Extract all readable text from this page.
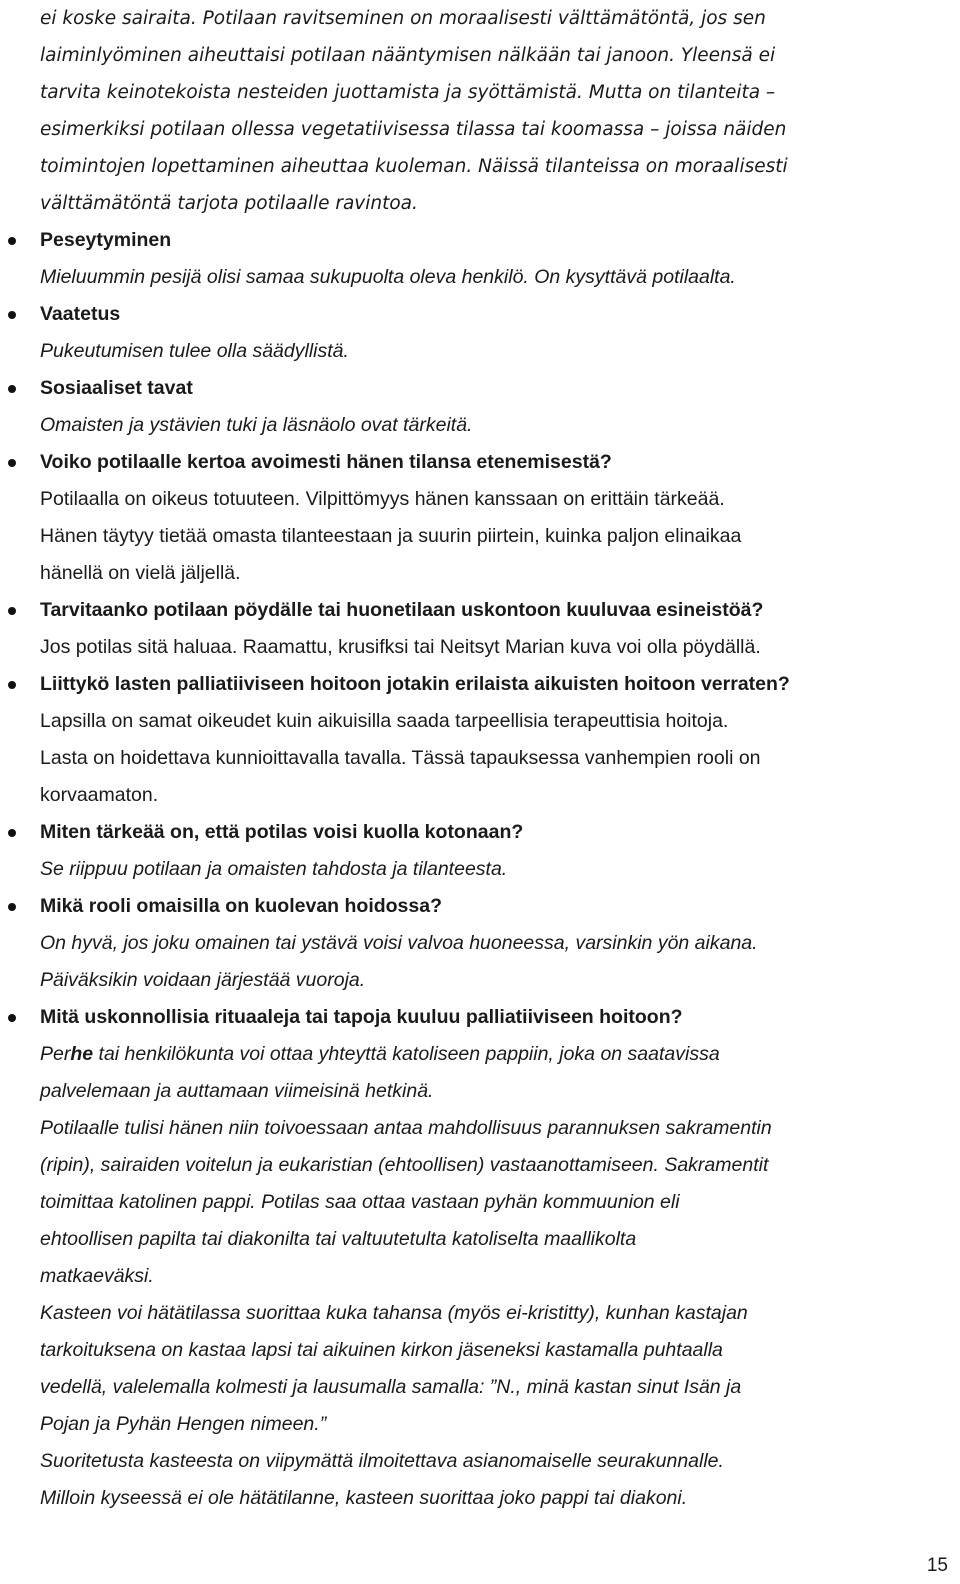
ei koske sairaita. Potilaan ravitseminen on moraalisesti välttämätöntä, jos sen

laiminlyöminen aiheuttaisi potilaan nääntymisen nälkään tai janoon. Yleensä ei

tarvita keinotekoista nesteiden juottamista ja syöttämistä. Mutta on tilanteita –

esimerkiksi potilaan ollessa vegetatiivisessa tilassa tai koomassa – joissa näiden

toimintojen lopettaminen aiheuttaa kuoleman. Näissä tilanteissa on moraalisesti

välttämätöntä tarjota potilaalle ravintoa.

Peseytyminen

Mieluummin pesijä olisi samaa sukupuolta oleva henkilö. On kysyttävä potilaalta.

Vaatetus

Pukeutumisen tulee olla säädyllistä.

Sosiaaliset tavat

Omaisten ja ystävien tuki ja läsnäolo ovat tärkeitä.

Voiko potilaalle kertoa avoimesti hänen tilansa etenemisestä?

Potilaalla on oikeus totuuteen. Vilpittömyys hänen kanssaan on erittäin tärkeää.

Hänen täytyy tietää omasta tilanteestaan ja suurin piirtein, kuinka paljon elinaikaa

hänellä on vielä jäljellä.

Tarvitaanko potilaan pöydälle tai huonetilaan uskontoon kuuluvaa esineistöä?

Jos potilas sitä haluaa. Raamattu, krusifksi tai Neitsyt Marian kuva voi olla pöydällä.

Liittykö lasten palliatiiviseen hoitoon jotakin erilaista aikuisten hoitoon verraten?

Lapsilla on samat oikeudet kuin aikuisilla saada tarpeellisia terapeuttisia hoitoja.

Lasta on hoidettava kunnioittavalla tavalla. Tässä tapauksessa vanhempien rooli on

korvaamaton.

Miten tärkeää on, että potilas voisi kuolla kotonaan?

Se riippuu potilaan ja omaisten tahdosta ja tilanteesta.

Mikä rooli omaisilla on kuolevan hoidossa?

On hyvä, jos joku omainen tai ystävä voisi valvoa huoneessa, varsinkin yön aikana.

Päiväksikin voidaan järjestää vuoroja.

Mitä uskonnollisia rituaaleja tai tapoja kuuluu palliatiiviseen hoitoon?

Perhe tai henkilökunta voi ottaa yhteyttä katoliseen pappiin, joka on saatavissa

palvelemaan ja auttamaan viimeisinä hetkinä.

Potilaalle tulisi hänen niin toivoessaan antaa mahdollisuus parannuksen sakramentin

(ripin), sairaiden voitelun ja eukaristian (ehtoollisen) vastaanottamiseen. Sakramentit

toimittaa katolinen pappi. Potilas saa ottaa vastaan pyhän kommuunion eli

ehtoollisen papilta tai diakonilta tai valtuutetulta katoliselta maallikolta

matkaeväksi.

Kasteen voi hätätilassa suorittaa kuka tahansa (myös ei-kristitty), kunhan kastajan

tarkoituksena on kastaa lapsi tai aikuinen kirkon jäseneksi kastamalla puhtaalla

vedellä, valelemalla kolmesti ja lausumalla samalla: ”N., minä kastan sinut Isän ja

Pojan ja Pyhän Hengen nimeen.”

Suoritetusta kasteesta on viipymättä ilmoitettava asianomaiselle seurakunnalle.

Milloin kyseessä ei ole hätätilanne, kasteen suorittaa joko pappi tai diakoni.

15
